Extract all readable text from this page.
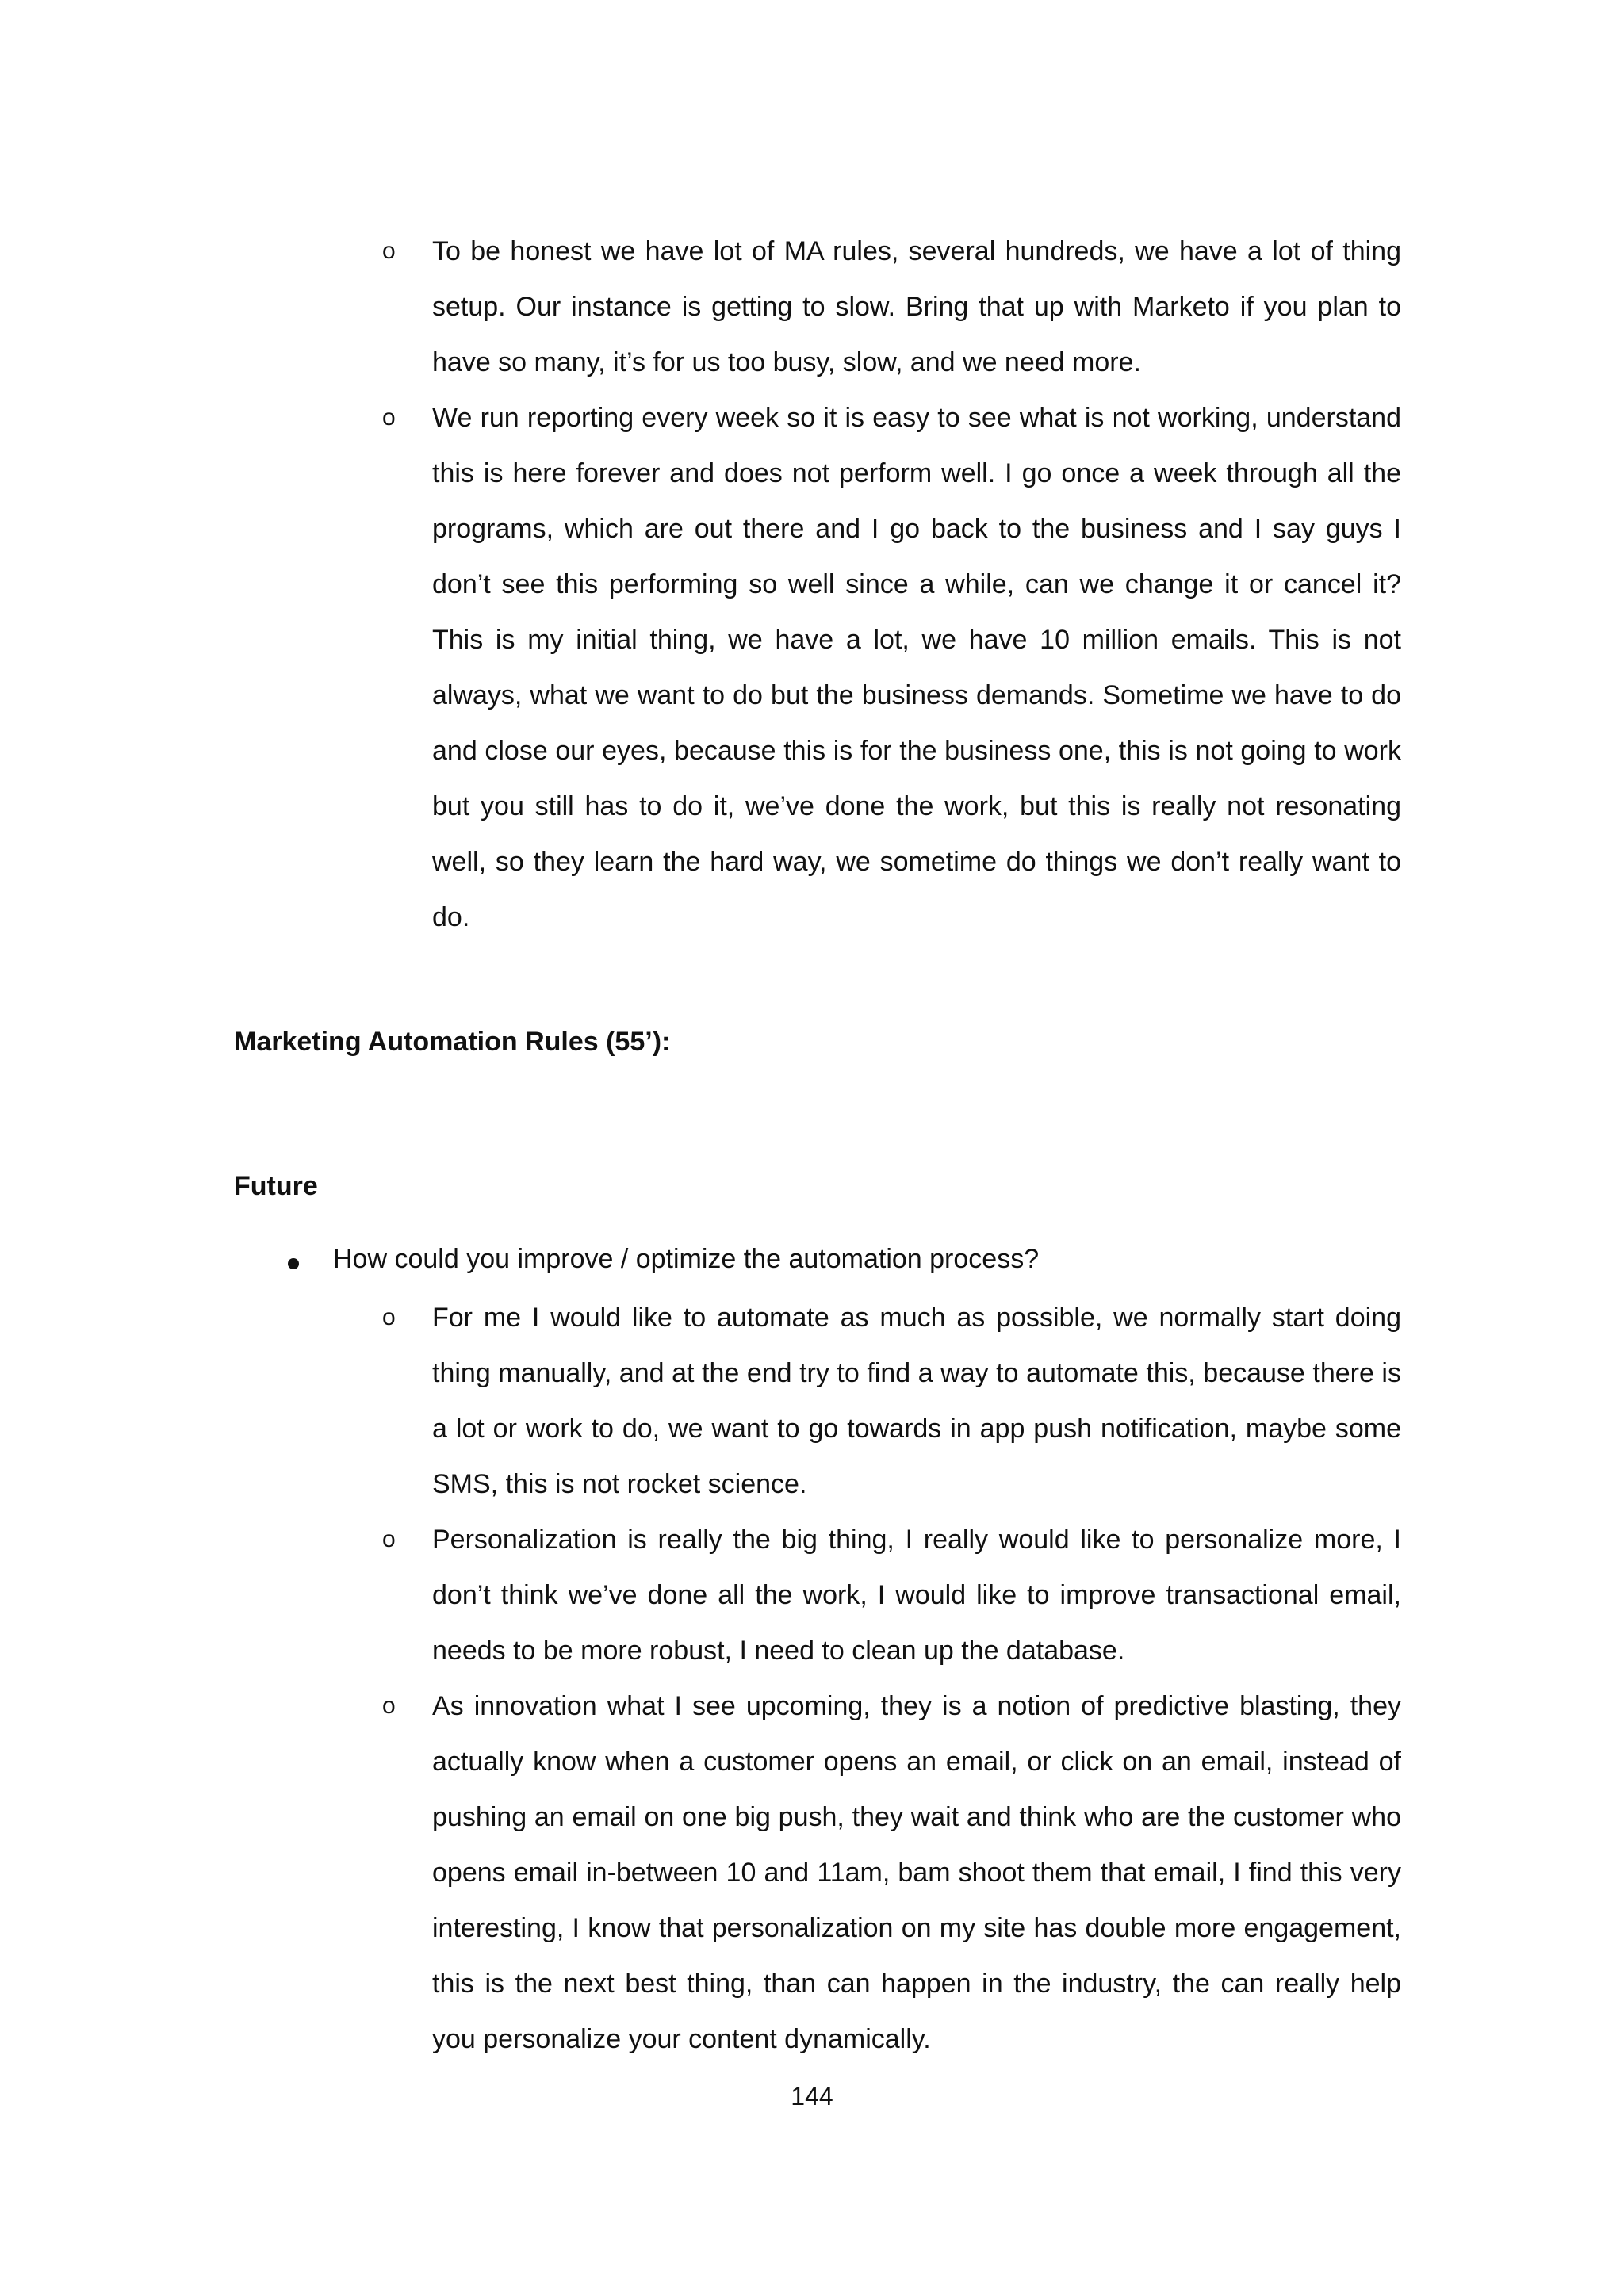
o To be honest we have lot of MA rules, several hundreds, we have a lot of thing setup. Our instance is getting to slow. Bring that up with Marketo if you plan to have so many, it’s for us too busy, slow, and we need more.

o We run reporting every week so it is easy to see what is not working, understand this is here forever and does not perform well. I go once a week through all the programs, which are out there and I go back to the business and I say guys I don’t see this performing so well since a while, can we change it or cancel it? This is my initial thing, we have a lot, we have 10 million emails. This is not always, what we want to do but the business demands. Sometime we have to do and close our eyes, because this is for the business one, this is not going to work but you still has to do it, we’ve done the work, but this is really not resonating well, so they learn the hard way, we sometime do things we don’t really want to do.

Marketing Automation Rules (55’):
Future

How could you improve / optimize the automation process?

o For me I would like to automate as much as possible, we normally start doing thing manually, and at the end try to find a way to automate this, because there is a lot or work to do, we want to go towards in app push notification, maybe some SMS, this is not rocket science.

o Personalization is really the big thing, I really would like to personalize more, I don’t think we’ve done all the work, I would like to improve transactional email, needs to be more robust, I need to clean up the database.

o As innovation what I see upcoming, they is a notion of predictive blasting, they actually know when a customer opens an email, or click on an email, instead of pushing an email on one big push, they wait and think who are the customer who opens email in-between 10 and 11am, bam shoot them that email, I find this very interesting, I know that personalization on my site has double more engagement, this is the next best thing, than can happen in the industry, the can really help you personalize your content dynamically.

144
